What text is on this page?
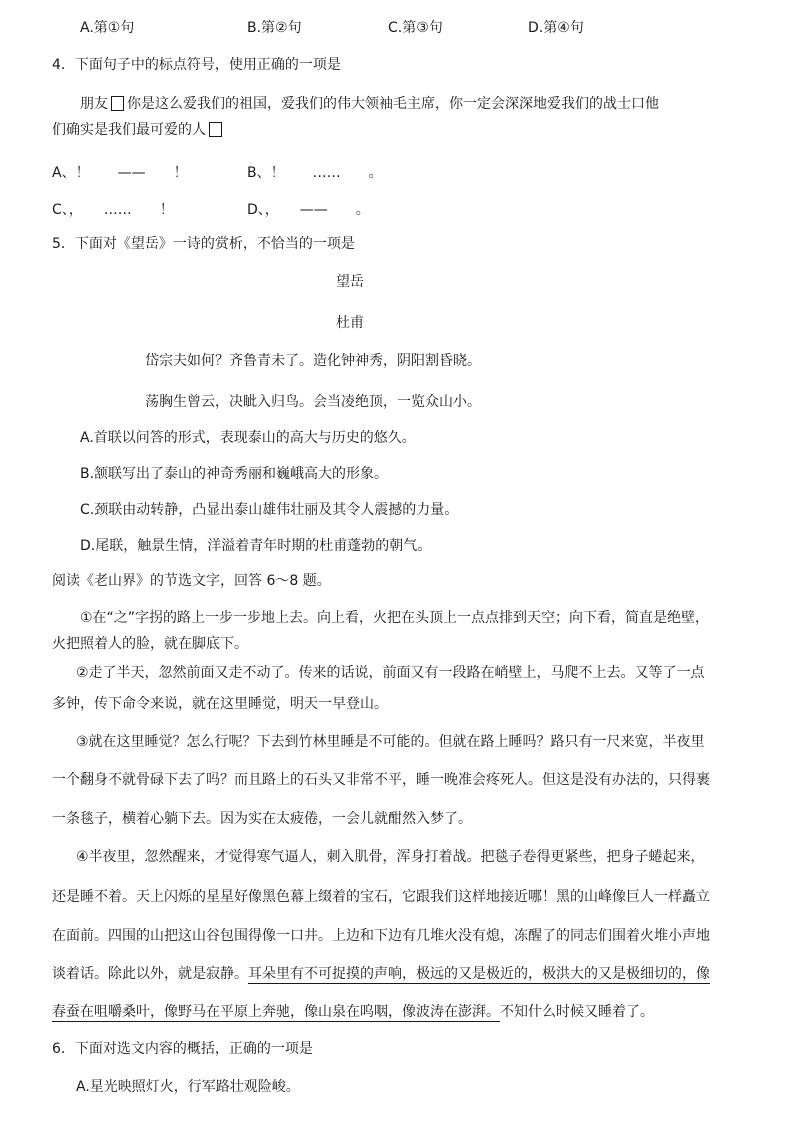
A.第①句	B.第②句	C.第③句	D.第④句
4．下面句子中的标点符号，使用正确的一项是
朋友 你是这么爱我们的祖国，爱我们的伟大领袖毛主席，你一定会深深地爱我们的战士口他
们确实是我们最可爱的人
A、！　　——　　！	B、！　　……　　。
C、，　　……　　！	D、，　　——　　。
5．下面对《望岳》一诗的赏析，不恰当的一项是
望岳
杜甫
岱宗夫如何？齐鲁青未了。造化钟神秀，阴阳割昏晓。
荡胸生曾云，决眦入归鸟。会当凌绝顶，一览众山小。
A.首联以问答的形式，表现泰山的高大与历史的悠久。
B.颔联写出了泰山的神奇秀丽和巍峨高大的形象。
C.颈联由动转静，凸显出泰山雄伟壮丽及其令人震撼的力量。
D.尾联，触景生情，洋溢着青年时期的杜甫蓬勃的朝气。
阅读《老山界》的节选文字，回答 6～8 题。
①在“之”字拐的路上一步一步地上去。向上看，火把在头顶上一点点排到天空；向下看，简直是绝壁，
火把照着人的脸，就在脚底下。
②走了半天，忽然前面又走不动了。传来的话说，前面又有一段路在峭壁上，马爬不上去。又等了一点
多钟，传下命令来说，就在这里睡觉，明天一早登山。
③就在这里睡觉？怎么行呢？下去到竹林里睡是不可能的。但就在路上睡吗？路只有一尺来宽，半夜里
一个翻身不就骨碌下去了吗？而且路上的石头又非常不平，睡一晚准会疼死人。但这是没有办法的，只得裹
一条毯子，横着心躺下去。因为实在太疲倦，一会儿就酣然入梦了。
④半夜里，忽然醒来，才觉得寒气逼人，刺入肌骨，浑身打着战。把毯子卷得更紧些，把身子蜷起来，
还是睡不着。天上闪烁的星星好像黑色幕上缀着的宝石，它跟我们这样地接近哪！黑的山峰像巨人一样矗立
在面前。四围的山把这山谷包围得像一口井。上边和下边有几堆火没有熄，冻醒了的同志们围着火堆小声地
谈着话。除此以外，就是寂静。耳朵里有不可捉摸的声响，极远的又是极近的，极洪大的又是极细切的，像
春蚕在咀嚼桑叶，像野马在平原上奔驰，像山泉在呜咽，像波涛在澎湃。不知什么时候又睡着了。
6．下面对选文内容的概括，正确的一项是
A.星光映照灯火，行军路壮观险峻。
